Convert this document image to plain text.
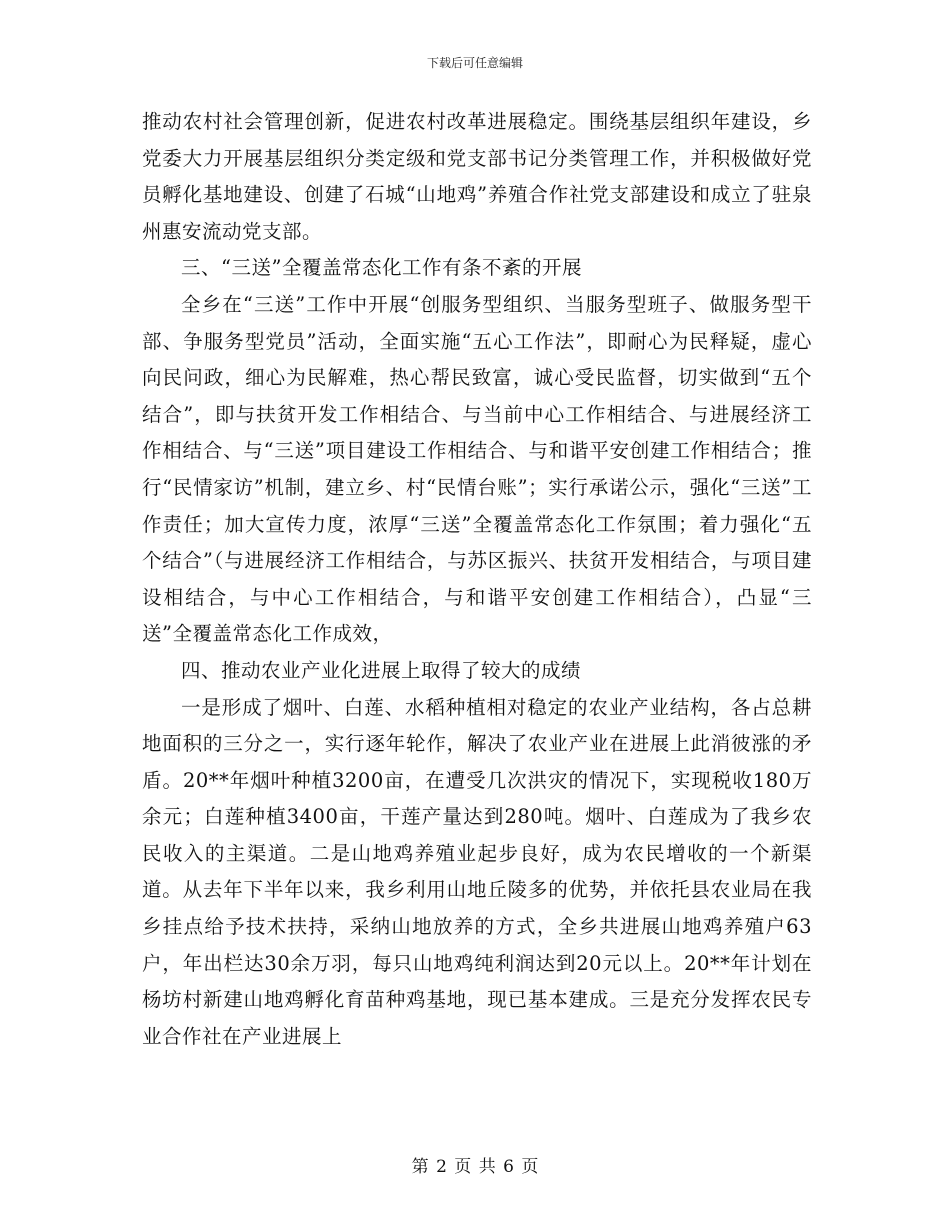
下载后可任意编辑

推动农村社会管理创新，促进农村改革进展稳定。围绕基层组织年建设，乡党委大力开展基层组织分类定级和党支部书记分类管理工作，并积极做好党员孵化基地建设、创建了石城“山地鸡”养殖合作社党支部建设和成立了驻泉州惠安流动党支部。

三、“三送”全覆盖常态化工作有条不紊的开展

全乡在“三送”工作中开展“创服务型组织、当服务型班子、做服务型干部、争服务型党员”活动，全面实施“五心工作法”，即耐心为民释疑，虚心向民问政，细心为民解难，热心帮民致富，诚心受民监督，切实做到“五个结合”，即与扶贫开发工作相结合、与当前中心工作相结合、与进展经济工作相结合、与“三送”项目建设工作相结合、与和谐平安创建工作相结合；推行“民情家访”机制，建立乡、村“民情台账”；实行承诺公示，强化“三送”工作责任；加大宣传力度，浓厚“三送”全覆盖常态化工作氛围；着力强化“五个结合”（与进展经济工作相结合，与苏区振兴、扶贫开发相结合，与项目建设相结合，与中心工作相结合，与和谐平安创建工作相结合），凸显“三送”全覆盖常态化工作成效，

四、推动农业产业化进展上取得了较大的成绩

一是形成了烟叶、白莲、水稻种植相对稳定的农业产业结构，各占总耕地面积的三分之一，实行逐年轮作，解决了农业产业在进展上此消彼涨的矛盾。20**年烟叶种植3200亩，在遭受几次洪灾的情况下，实现税收180万余元；白莲种植3400亩，干莲产量达到280吨。烟叶、白莲成为了我乡农民收入的主渠道。二是山地鸡养殖业起步良好，成为农民增收的一个新渠道。从去年下半年以来，我乡利用山地丘陵多的优势，并依托县农业局在我乡挂点给予技术扶持，采纳山地放养的方式，全乡共进展山地鸡养殖户63户，年出栏达30余万羽，每只山地鸡纯利润达到20元以上。20**年计划在杨坊村新建山地鸡孵化育苗种鸡基地，现已基本建成。三是充分发挥农民专业合作社在产业进展上

第 2 页 共 6 页
